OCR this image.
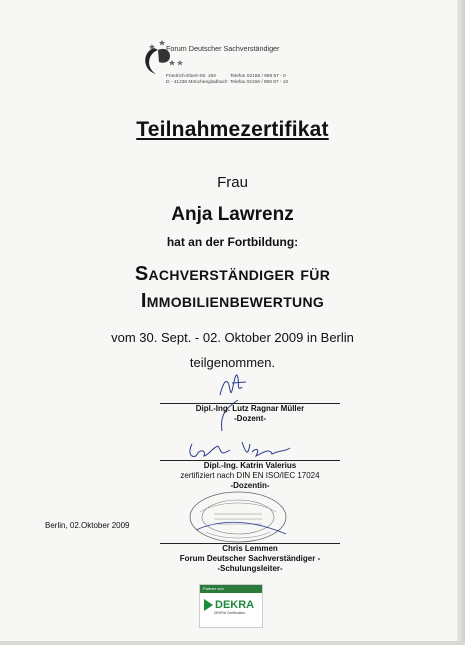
Forum Deutscher Sachverständiger
Friedrich-Ebert-Str. 193
D - 41236 Mönchengladbach
Telefon 02166 / 998 67 - 0
Telefax 02166 / 998 67 - 10
Teilnahmezertifikat
Frau
Anja Lawrenz
hat an der Fortbildung:
Sachverständiger für
Immobilienbewertung
vom 30. Sept. - 02. Oktober 2009 in Berlin
teilgenommen.
Dipl.-Ing. Lutz Ragnar Müller
-Dozent-
Dipl.-Ing. Katrin Valerius
zertifiziert nach DIN EN ISO/IEC 17024
-Dozentin-
Berlin, 02.Oktober 2009
Chris Lemmen
Forum Deutscher Sachverständiger -
-Schulungsleiter-
Partner von
DEKRA
DEKRA Certification
